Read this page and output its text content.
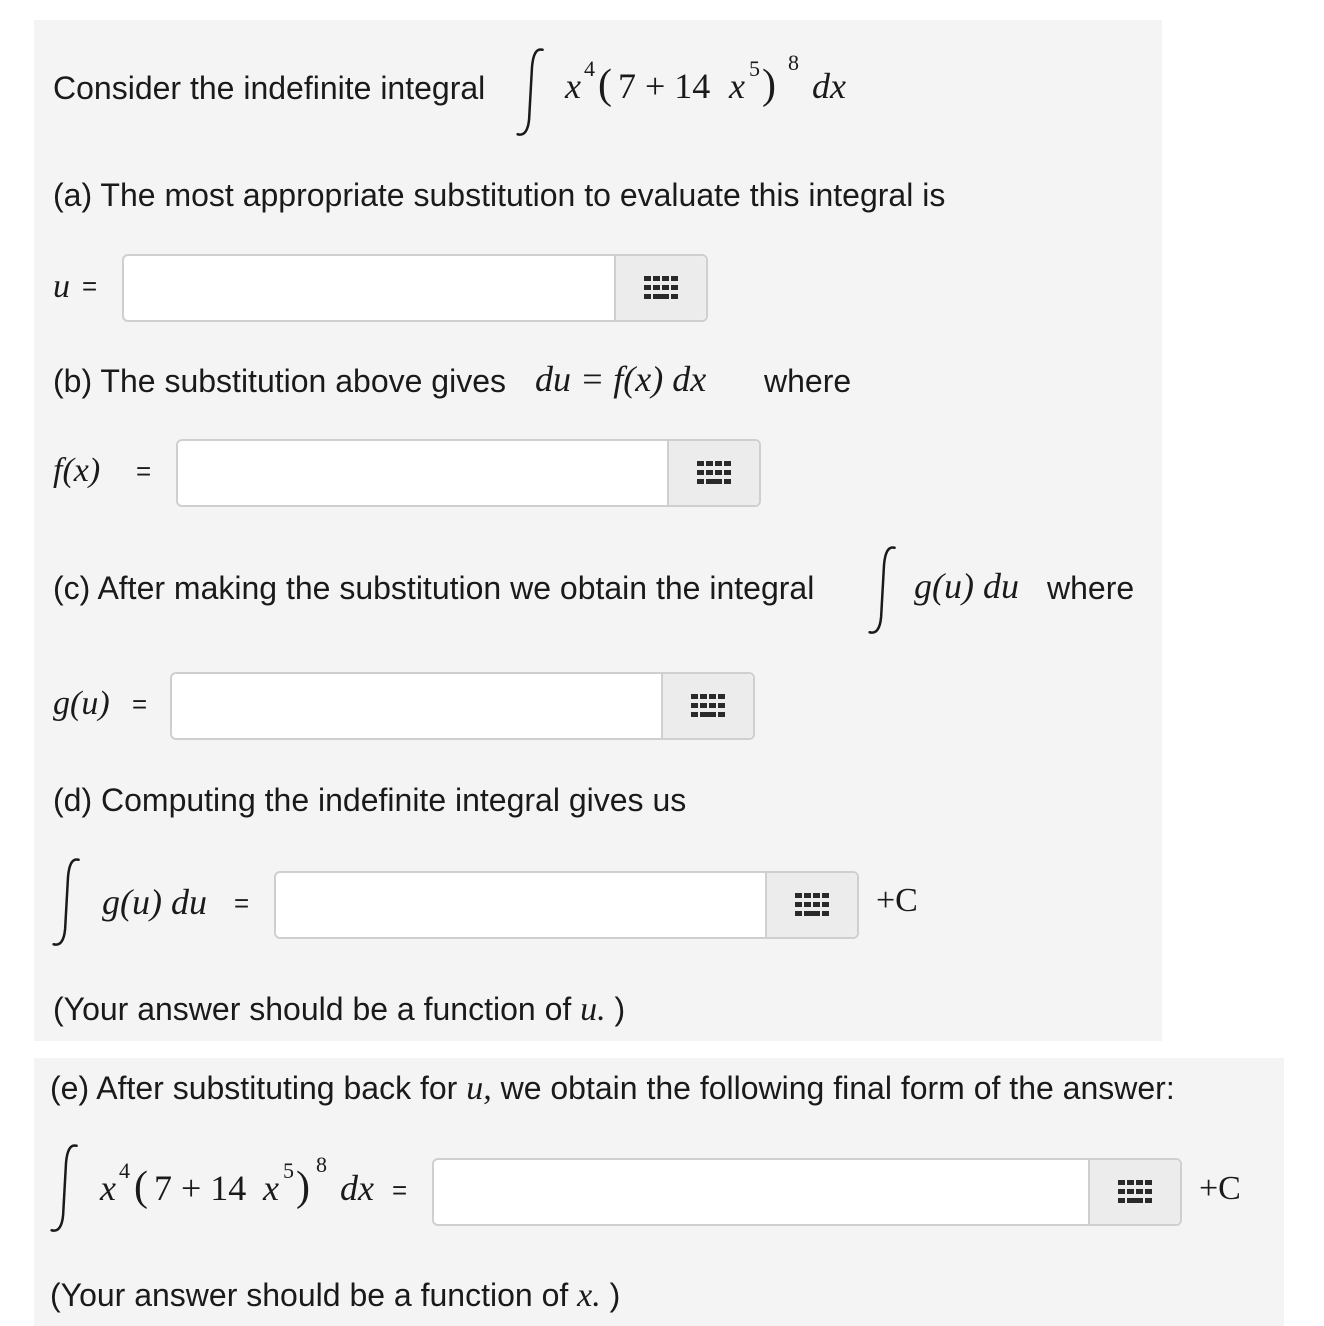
Consider the indefinite integral x 4 ( 7 + 14 x 5 ) 8
dx
(a) The most appropriate substitution to evaluate this integral is
u =
(b) The substitution above gives du = f(x) dx where
f(x) =
(c) After making the substitution we obtain the integral	g(u) du where
g(u) =
(d) Computing the indefinite integral gives us
g(u) du =	+C
(Your answer should be a function of u. )
(e) After substituting back for u, we obtain the following final form of the answer:
x 4 ( 7 + 14 x 5 ) 8
dx =	+C
(Your answer should be a function of x. )
